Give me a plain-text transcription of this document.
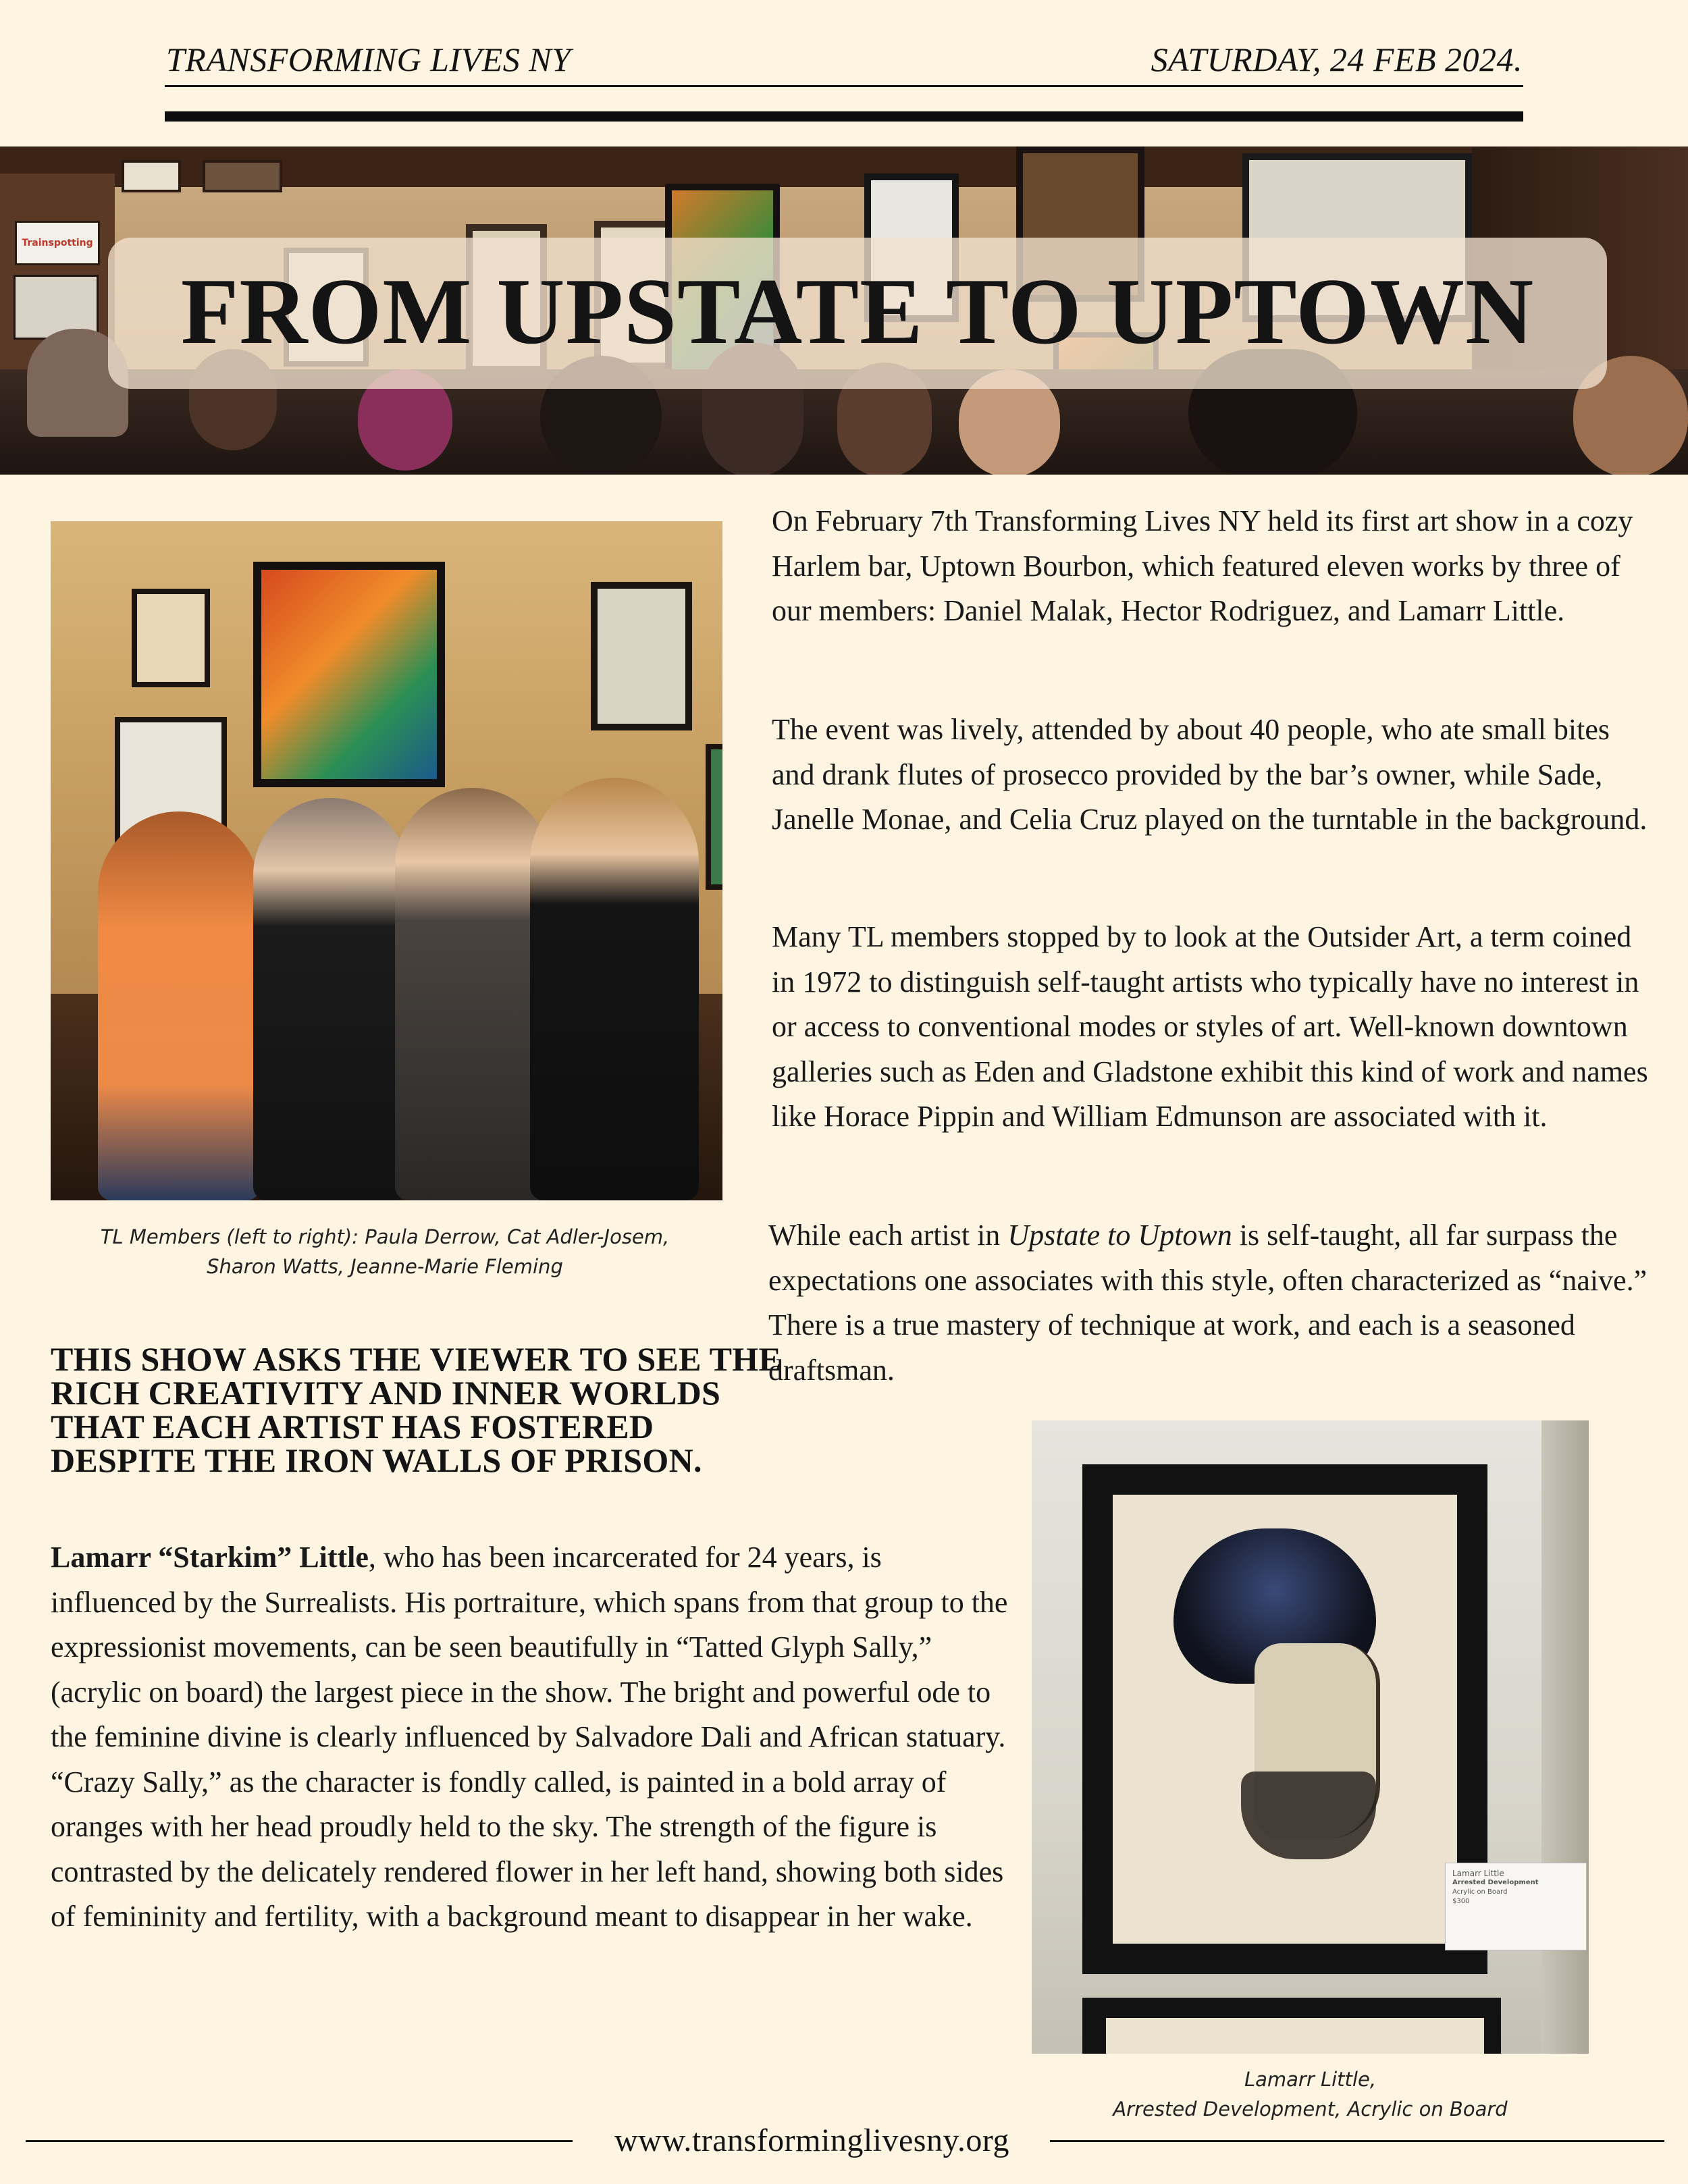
TRANSFORMING LIVES NY	SATURDAY, 24 FEB 2024.
Trainspotting
FROM UPSTATE TO UPTOWN

On February 7th Transforming Lives NY held its first art show in a cozy Harlem bar, Uptown Bourbon, which featured eleven works by three of our members: Daniel Malak, Hector Rodriguez, and Lamarr Little.

The event was lively, attended by about 40 people, who ate small bites and drank flutes of prosecco provided by the bar’s owner, while Sade, Janelle Monae, and Celia Cruz played on the turntable in the background.

Many TL members stopped by to look at the Outsider Art, a term coined in 1972 to distinguish self-taught artists who typically have no interest in or access to conventional modes or styles of art. Well-known downtown galleries such as Eden and Gladstone exhibit this kind of work and names like Horace Pippin and William Edmunson are associated with it.

While each artist in Upstate to Uptown is self-taught, all far surpass the expectations one associates with this style, often characterized as “naive.” There is a true mastery of technique at work, and each is a seasoned draftsman.

TL Members (left to right): Paula Derrow, Cat Adler-Josem,
Sharon Watts, Jeanne-Marie Fleming
THIS SHOW ASKS THE VIEWER TO SEE THE RICH CREATIVITY AND INNER WORLDS THAT EACH ARTIST HAS FOSTERED DESPITE THE IRON WALLS OF PRISON.

Lamarr “Starkim” Little, who has been incarcerated for 24 years, is influenced by the Surrealists. His portraiture, which spans from that group to the expressionist movements, can be seen beautifully in “Tatted Glyph Sally,” (acrylic on board) the largest piece in the show. The bright and powerful ode to the feminine divine is clearly influenced by Salvadore Dali and African statuary. “Crazy Sally,” as the character is fondly called, is painted in a bold array of oranges with her head proudly held to the sky. The strength of the figure is contrasted by the delicately rendered flower in her left hand, showing both sides of femininity and fertility, with a background meant to disappear in her wake.

Lamarr Little
Arrested Development
Acrylic on Board
$300
Lamarr Little,
Arrested Development, Acrylic on Board
www.transforminglivesny.org
